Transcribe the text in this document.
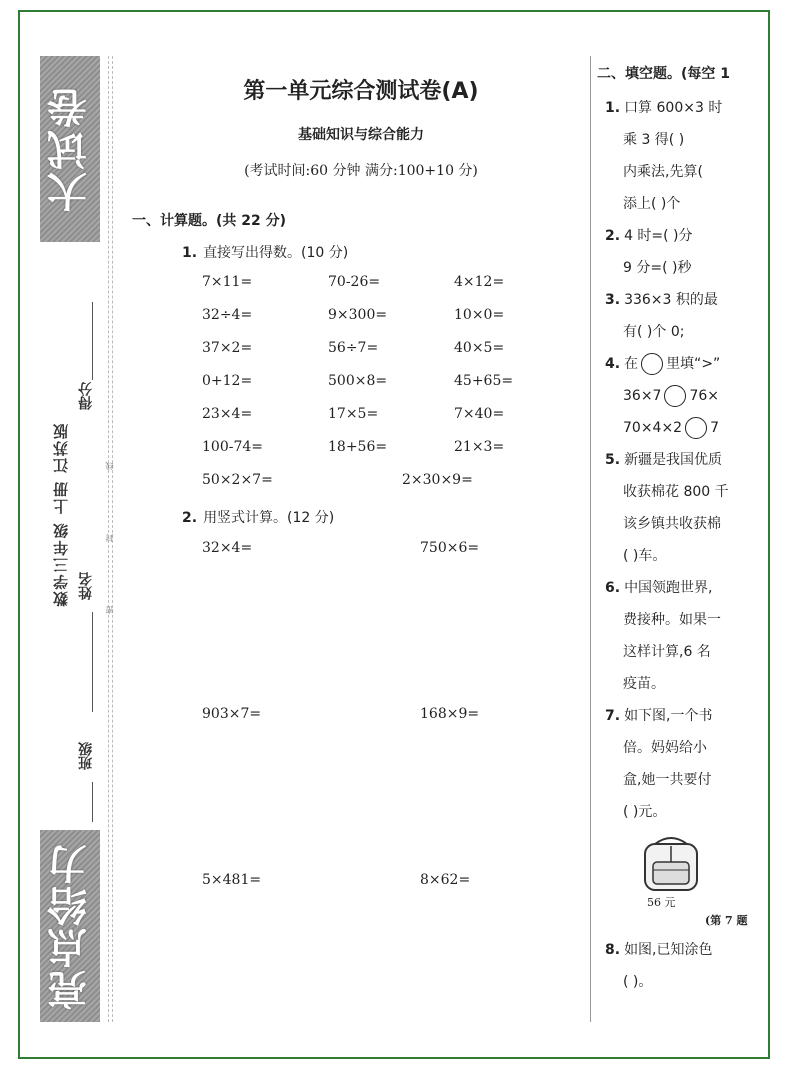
大试卷
亮点给力
数学三年级 上册 江苏版
得分
姓名
班级
线
封
密
第一单元综合测试卷(A)
基础知识与综合能力
(考试时间:60 分钟 满分:100+10 分)
一、计算题。(共 22 分)
1. 直接写出得数。(10 分)
7×11=	70-26=	4×12=
32÷4=	9×300=	10×0=
37×2=	56÷7=	40×5=
0+12=	500×8=	45+65=
23×4=	17×5=	7×40=
100-74=	18+56=	21×3=
50×2×7=	2×30×9=
2. 用竖式计算。(12 分)
32×4=	750×6=
903×7=	168×9=
5×481=	8×62=
二、填空题。(每空 1
1. 口算 600×3 时
乘 3 得( )
内乘法,先算(
添上( )个
2. 4 时=( )分
9 分=( )秒
3. 336×3 积的最
有( )个 0;
4. 在 里填“>”
36×7 76×
70×4×2 7
5. 新疆是我国优质
收获棉花 800 千
该乡镇共收获棉
( )车。
6. 中国领跑世界,
费接种。如果一
这样计算,6 名
疫苗。
7. 如下图,一个书
倍。妈妈给小
盒,她一共要付
( )元。
56 元
(第 7 题
8. 如图,已知涂色
( )。
